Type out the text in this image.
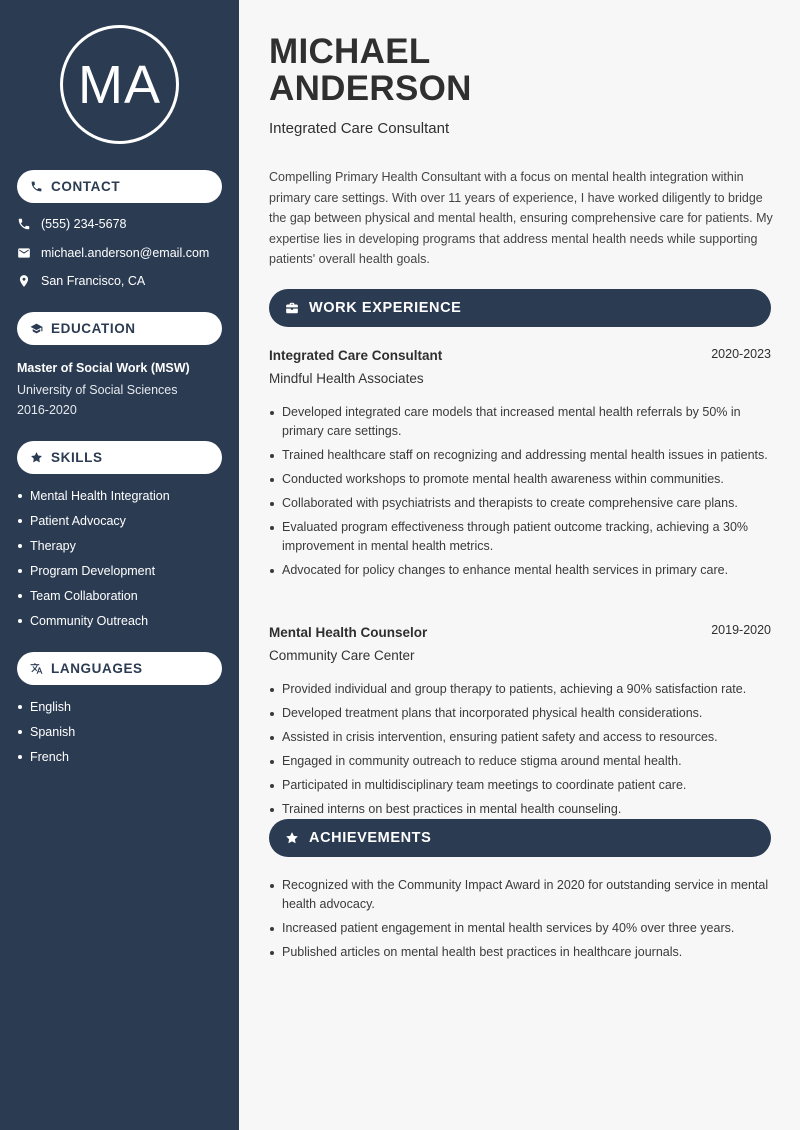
MA
CONTACT
(555) 234-5678
michael.anderson@email.com
San Francisco, CA
EDUCATION
Master of Social Work (MSW)
University of Social Sciences
2016-2020
SKILLS
Mental Health Integration
Patient Advocacy
Therapy
Program Development
Team Collaboration
Community Outreach
LANGUAGES
English
Spanish
French
MICHAEL
ANDERSON
Integrated Care Consultant

Compelling Primary Health Consultant with a focus on mental health integration within primary care settings. With over 11 years of experience, I have worked diligently to bridge the gap between physical and mental health, ensuring comprehensive care for patients. My expertise lies in developing programs that address mental health needs while supporting patients' overall health goals.

WORK EXPERIENCE
Integrated Care Consultant	2020-2023
Mindful Health Associates
Developed integrated care models that increased mental health referrals by 50% in primary care settings.
Trained healthcare staff on recognizing and addressing mental health issues in patients.
Conducted workshops to promote mental health awareness within communities.
Collaborated with psychiatrists and therapists to create comprehensive care plans.
Evaluated program effectiveness through patient outcome tracking, achieving a 30% improvement in mental health metrics.
Advocated for policy changes to enhance mental health services in primary care.
Mental Health Counselor	2019-2020
Community Care Center
Provided individual and group therapy to patients, achieving a 90% satisfaction rate.
Developed treatment plans that incorporated physical health considerations.
Assisted in crisis intervention, ensuring patient safety and access to resources.
Engaged in community outreach to reduce stigma around mental health.
Participated in multidisciplinary team meetings to coordinate patient care.
Trained interns on best practices in mental health counseling.
ACHIEVEMENTS
Recognized with the Community Impact Award in 2020 for outstanding service in mental health advocacy.
Increased patient engagement in mental health services by 40% over three years.
Published articles on mental health best practices in healthcare journals.
